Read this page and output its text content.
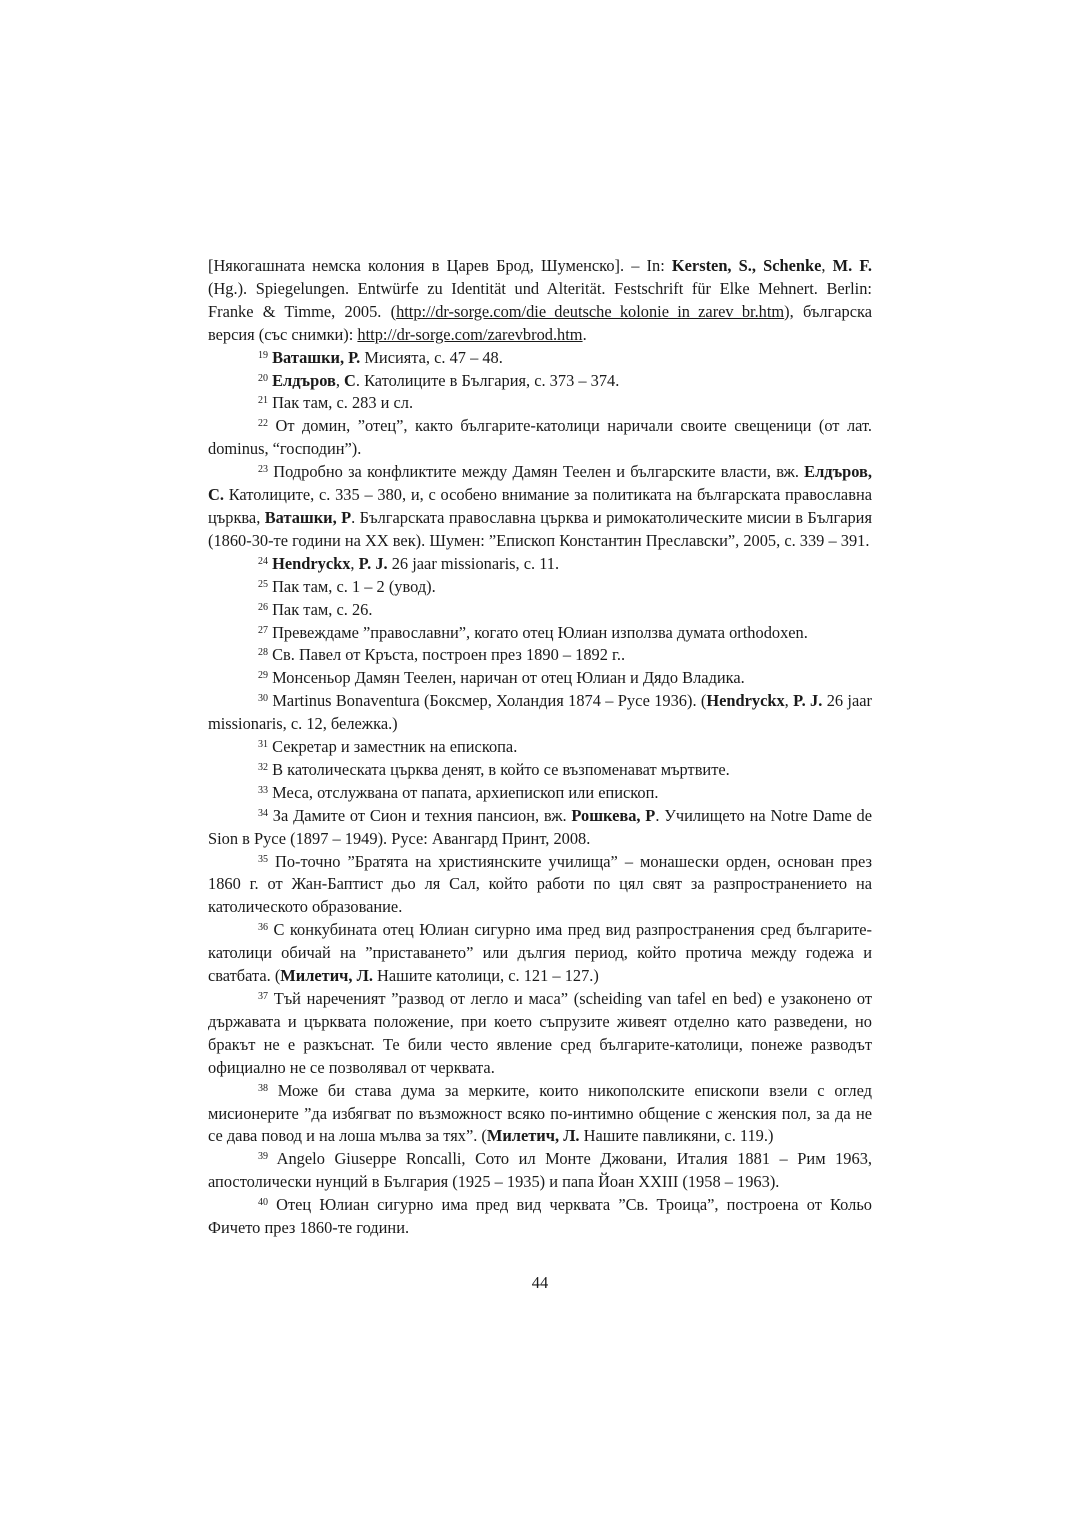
[Някогашната немска колония в Царев Брод, Шуменско]. – In: Kersten, S., Schenke, M. F. (Hg.). Spiegelungen. Entwürfe zu Identität und Alterität. Festschrift für Elke Mehnert. Berlin: Franke & Timme, 2005. (http://dr-sorge.com/die_deutsche_kolonie_in_zarev_br.htm), българска версия (със снимки): http://dr-sorge.com/zarevbrod.htm.

$^{19}$ Ваташки, Р. Мисията, с. 47 – 48.

$^{20}$ Елдъров, С. Католиците в България, с. 373 – 374.

$^{21}$ Пак там, с. 283 и сл.

$^{22}$ От домин, ”отец”, както българите-католици наричали своите свещеници (от лат. dominus, “господин”).

$^{23}$ Подробно за конфликтите между Дамян Теелен и българските власти, вж. Елдъров, С. Католиците, с. 335 – 380, и, с особено внимание за политиката на българската православна църква, Ваташки, Р. Българската православна църква и римокатолическите мисии в България (1860-30-те години на ХХ век). Шумен: ”Епископ Константин Преславски”, 2005, с. 339 – 391.

$^{24}$ Hendryckx, P. J. 26 jaar missionaris, с. 11.

$^{25}$ Пак там, с. 1 – 2 (увод).

$^{26}$ Пак там, с. 26.

$^{27}$ Превеждаме ”православни”, когато отец Юлиан използва думата orthodoxen.

$^{28}$ Св. Павел от Кръста, построен през 1890 – 1892 г..

$^{29}$ Монсеньор Дамян Теелен, наричан от отец Юлиан и Дядо Владика.

$^{30}$ Martinus Bonaventura (Боксмер, Холандия 1874 – Русе 1936). (Hendryckx, P. J. 26 jaar missionaris, с. 12, бележка.)

$^{31}$ Секретар и заместник на епископа.

$^{32}$ В католическата църква денят, в който се възпоменават мъртвите.

$^{33}$ Меса, отслужвана от папата, архиепископ или епископ.

$^{34}$ За Дамите от Сион и техния пансион, вж. Рошкева, Р. Училището на Notre Dame de Sion в Русе (1897 – 1949). Русе: Авангард Принт, 2008.

$^{35}$ По-точно ”Братята на християнските училища” – монашески орден, основан през 1860 г. от Жан-Баптист дьо ля Сал, който работи по цял свят за разпространението на католическото образование.

$^{36}$ С конкубината отец Юлиан сигурно има пред вид разпространения сред българите-католици обичай на ”приставането” или дългия период, който протича между годежа и сватбата. (Милетич, Л. Нашите католици, с. 121 – 127.)

$^{37}$ Тъй нареченият ”развод от легло и маса” (scheiding van tafel en bed) е узаконено от държавата и църквата положение, при което съпрузите живеят отделно като разведени, но бракът не е разкъснат. Те били често явление сред българите-католици, понеже разводът официално не се позволявал от черквата.

$^{38}$ Може би става дума за мерките, които никополските епископи взели с оглед мисионерите ”да избягват по възможност всяко по-интимно общение с женския пол, за да не се дава повод и на лоша мълва за тях”. (Милетич, Л. Нашите павликяни, с. 119.)

$^{39}$ Angelo Giuseppe Roncalli, Сото ил Монте Джовани, Италия 1881 – Рим 1963, апостолически нунций в България (1925 – 1935) и папа Йоан XXIII (1958 – 1963).

$^{40}$ Отец Юлиан сигурно има пред вид черквата ”Св. Троица”, построена от Кольо Фичето през 1860-те години.

44
